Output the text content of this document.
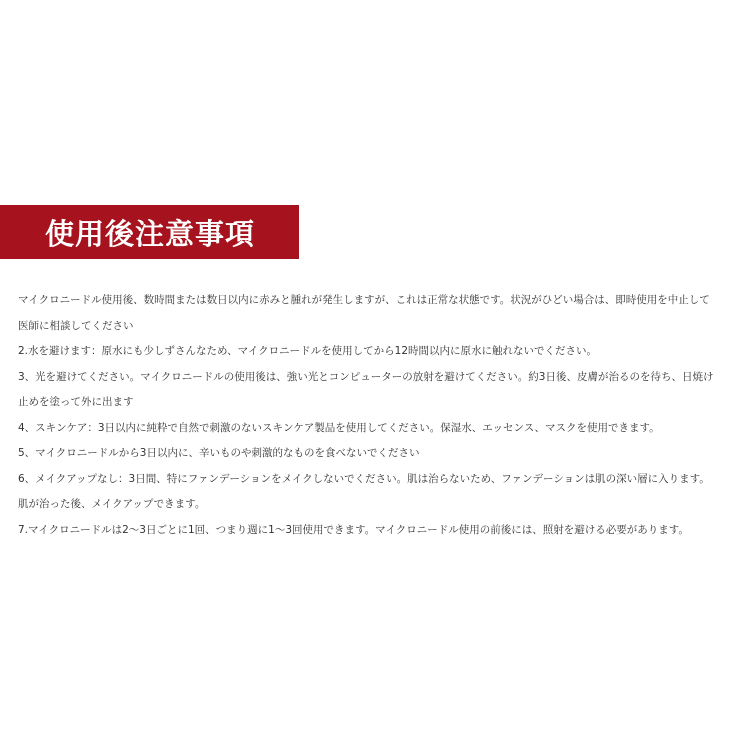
使用後注意事項

マイクロニードル使用後、数時間または数日以内に赤みと腫れが発生しますが、これは正常な状態です。状況がひどい場合は、即時使用を中止して医師に相談してください

2.水を避けます：原水にも少しずさんなため、マイクロニードルを使用してから12時間以内に原水に触れないでください。

3、光を避けてください。マイクロニードルの使用後は、強い光とコンピューターの放射を避けてください。約3日後、皮膚が治るのを待ち、日焼け止めを塗って外に出ます

4、スキンケア：3日以内に純粋で自然で刺激のないスキンケア製品を使用してください。保湿水、エッセンス、マスクを使用できます。

5、マイクロニードルから3日以内に、辛いものや刺激的なものを食べないでください

6、メイクアップなし：3日間、特にファンデーションをメイクしないでください。肌は治らないため、ファンデーションは肌の深い層に入ります。肌が治った後、メイクアップできます。

7.マイクロニードルは2〜3日ごとに1回、つまり週に1〜3回使用できます。マイクロニードル使用の前後には、照射を避ける必要があります。
